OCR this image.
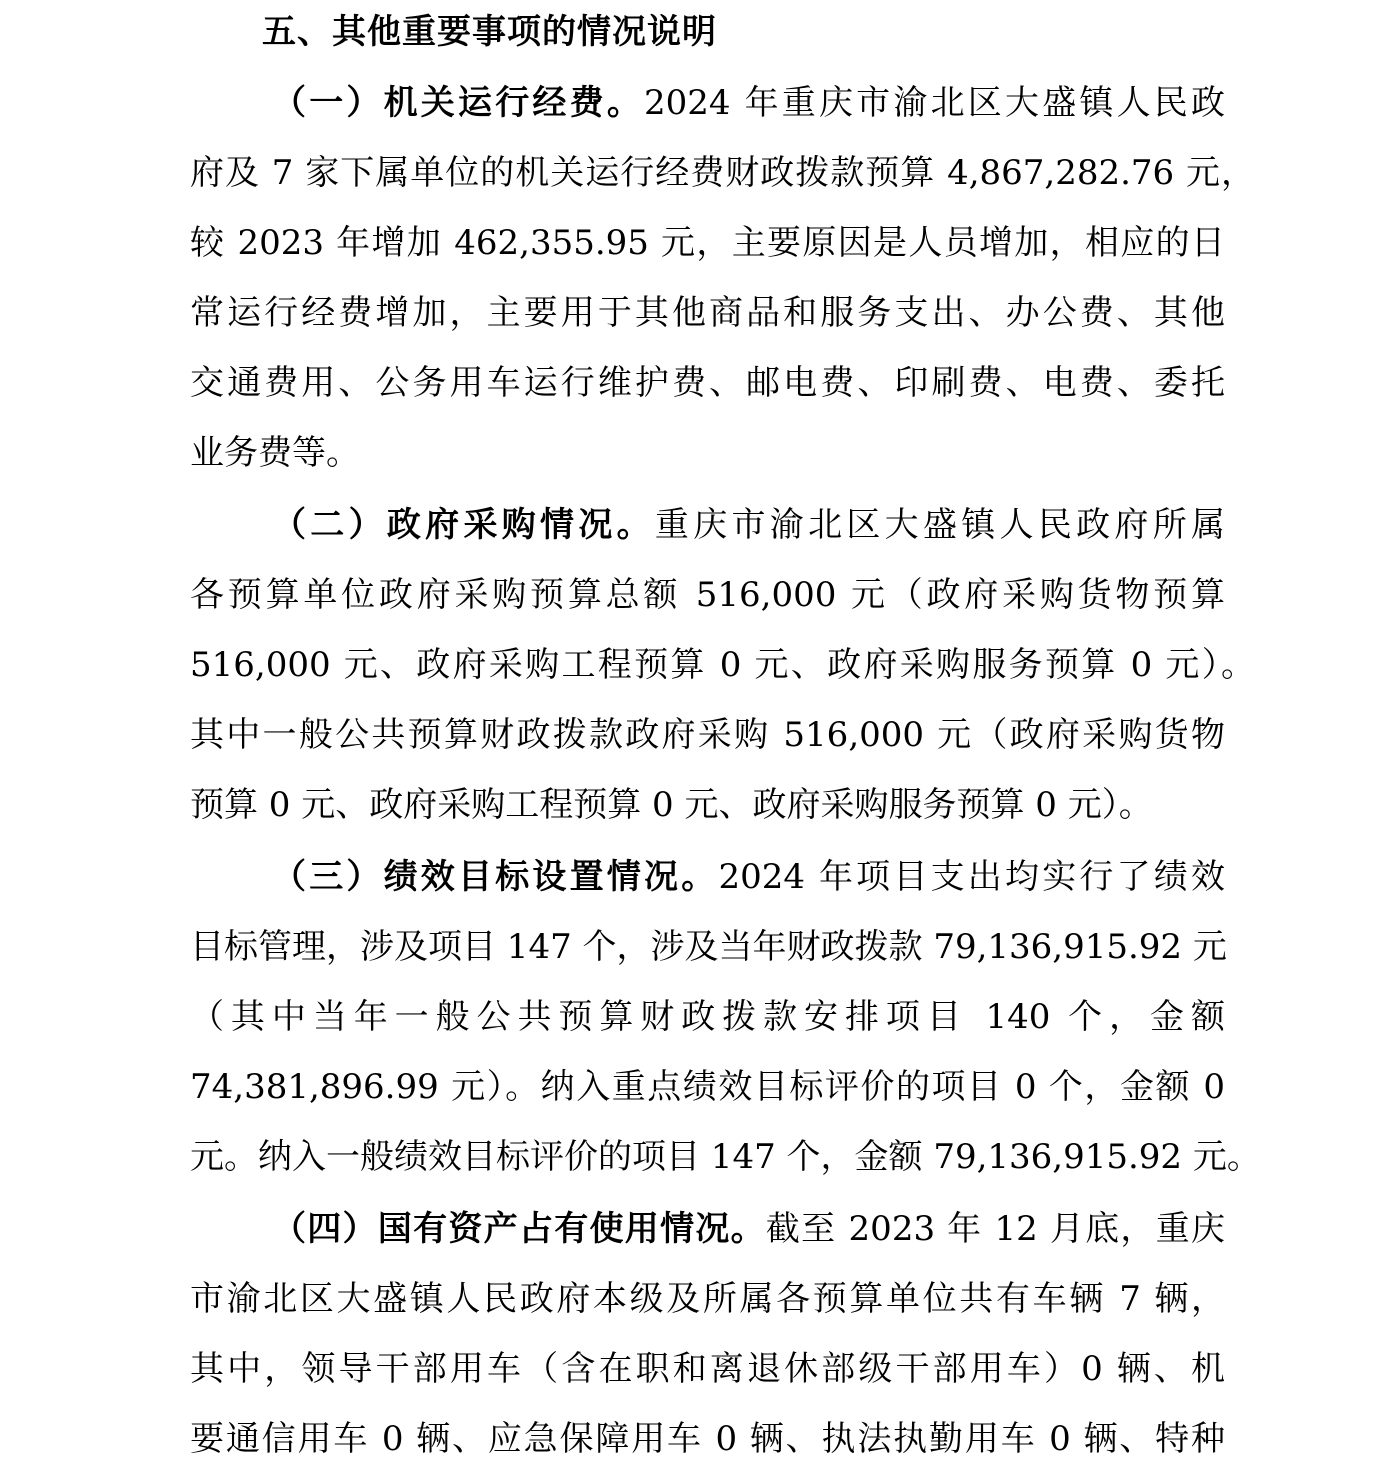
五、其他重要事项的情况说明
（一）机关运行经费。2024 年重庆市渝北区大盛镇人民政
府及 7 家下属单位的机关运行经费财政拨款预算 4,867,282.76 元，
较 2023 年增加 462,355.95 元，主要原因是人员增加，相应的日
常运行经费增加，主要用于其他商品和服务支出、办公费、其他
交通费用、公务用车运行维护费、邮电费、印刷费、电费、委托
业务费等。
（二）政府采购情况。重庆市渝北区大盛镇人民政府所属
各预算单位政府采购预算总额 516,000 元（政府采购货物预算
516,000 元、政府采购工程预算 0 元、政府采购服务预算 0 元）。
其中一般公共预算财政拨款政府采购 516,000 元（政府采购货物
预算 0 元、政府采购工程预算 0 元、政府采购服务预算 0 元）。
（三）绩效目标设置情况。2024 年项目支出均实行了绩效
目标管理，涉及项目 147 个，涉及当年财政拨款 79,136,915.92 元
（其中当年一般公共预算财政拨款安排项目 140 个，金额
74,381,896.99 元）。纳入重点绩效目标评价的项目 0 个，金额 0
元。纳入一般绩效目标评价的项目 147 个，金额 79,136,915.92 元。
（四）国有资产占有使用情况。截至 2023 年 12 月底，重庆
市渝北区大盛镇人民政府本级及所属各预算单位共有车辆 7 辆，
其中，领导干部用车（含在职和离退休部级干部用车）0 辆、机
要通信用车 0 辆、应急保障用车 0 辆、执法执勤用车 0 辆、特种
